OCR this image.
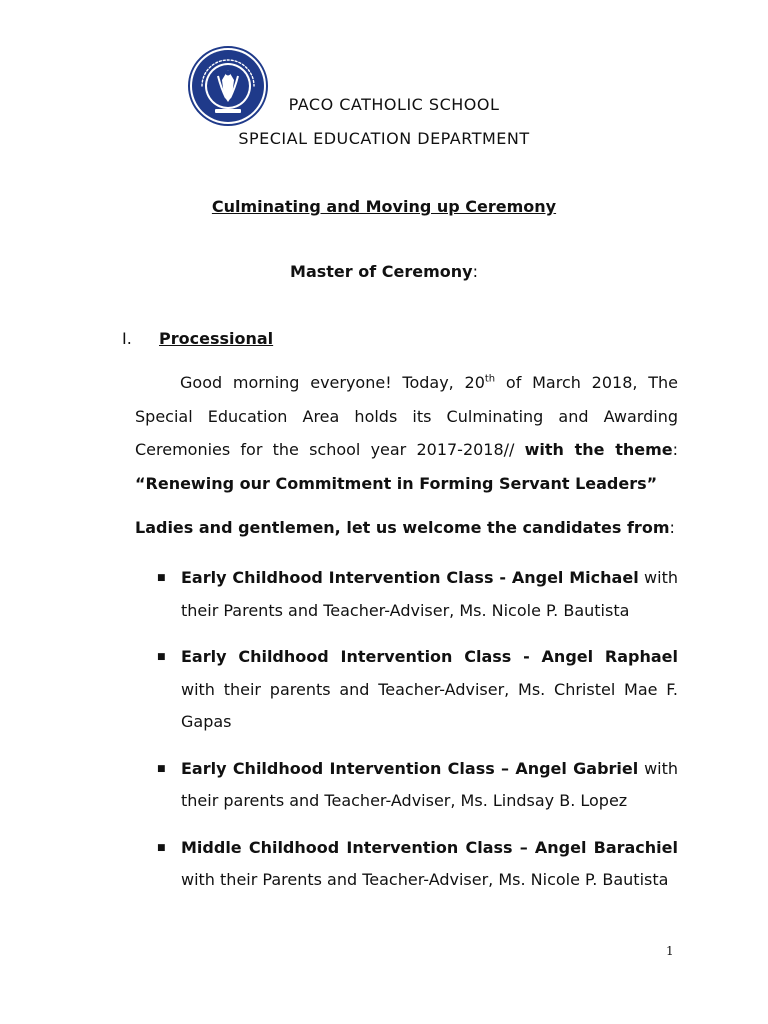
PACO CATHOLIC SCHOOL
SPECIAL EDUCATION DEPARTMENT
Culminating and Moving up Ceremony
Master of Ceremony:
I. Processional

Good morning everyone! Today, 20th of March 2018, The Special Education Area holds its Culminating and Awarding Ceremonies for the school year 2017-2018// with the theme: “Renewing our Commitment in Forming Servant Leaders”

Ladies and gentlemen, let us welcome the candidates from:
■ Early Childhood Intervention Class - Angel Michael with their Parents and Teacher-Adviser, Ms. Nicole P. Bautista
■ Early Childhood Intervention Class - Angel Raphael with their parents and Teacher-Adviser, Ms. Christel Mae F. Gapas
■ Early Childhood Intervention Class – Angel Gabriel with their parents and Teacher-Adviser, Ms. Lindsay B. Lopez
■ Middle Childhood Intervention Class – Angel Barachiel with their Parents and Teacher-Adviser, Ms. Nicole P. Bautista
1
